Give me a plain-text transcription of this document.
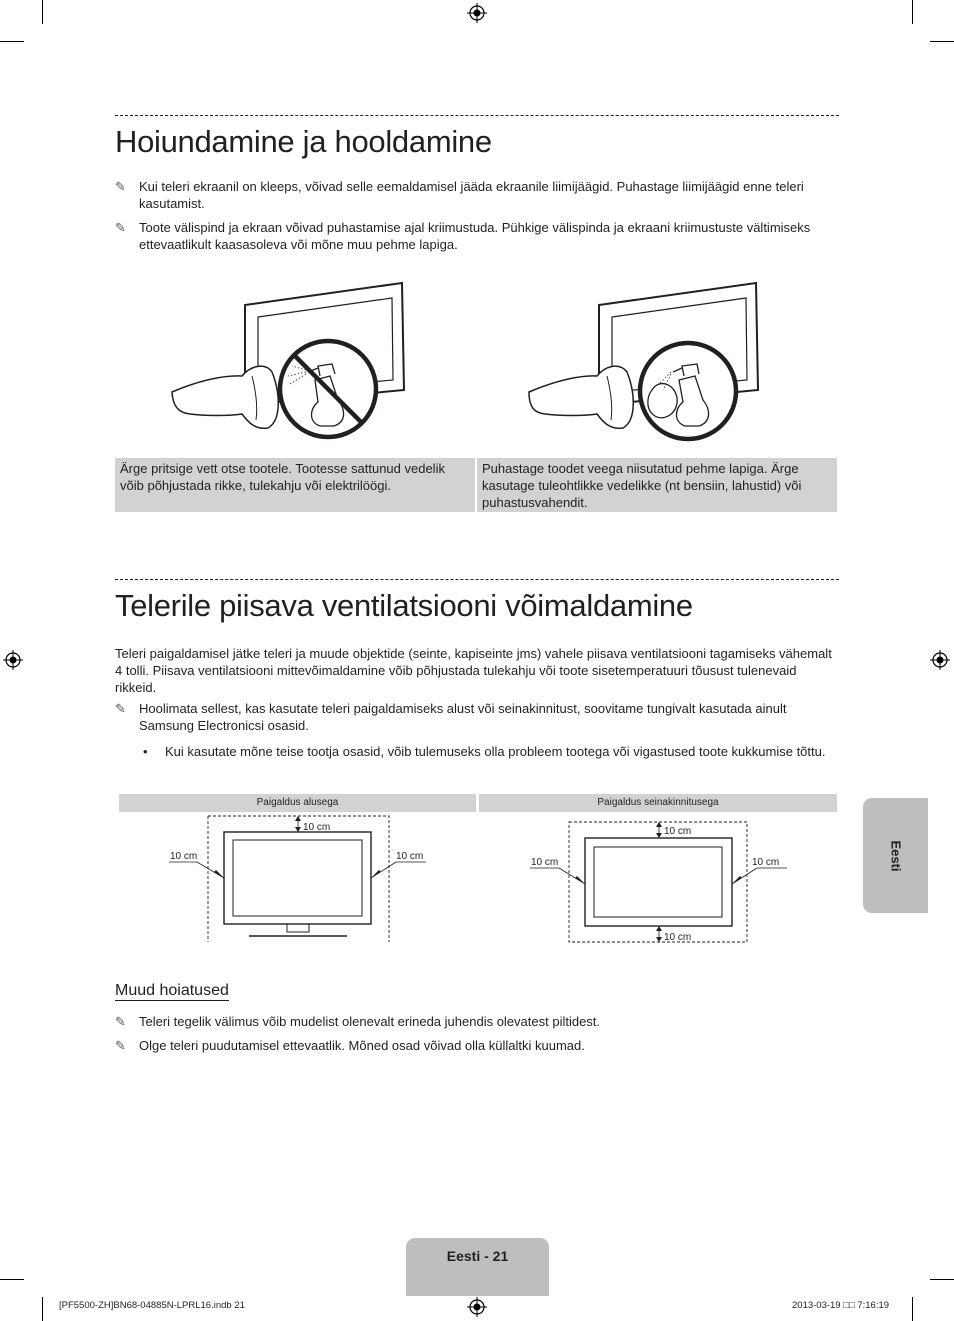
Hoiundamine ja hooldamine
✎ Kui teleri ekraanil on kleeps, võivad selle eemaldamisel jääda ekraanile liimijäägid. Puhastage liimijäägid enne teleri kasutamist.
✎ Toote välispind ja ekraan võivad puhastamise ajal kriimustuda. Pühkige välispinda ja ekraani kriimustuste vältimiseks ettevaatlikult kaasasoleva või mõne muu pehme lapiga.
Ärge pritsige vett otse tootele. Tootesse sattunud vedelik võib põhjustada rikke, tulekahju või elektrilöögi.
Puhastage toodet veega niisutatud pehme lapiga. Ärge kasutage tuleohtlikke vedelikke (nt bensiin, lahustid) või puhastusvahendit.
Telerile piisava ventilatsiooni võimaldamine

Teleri paigaldamisel jätke teleri ja muude objektide (seinte, kapiseinte jms) vahele piisava ventilatsiooni tagamiseks vähemalt 4 tolli. Piisava ventilatsiooni mittevõimaldamine võib põhjustada tulekahju või toote sisetemperatuuri tõusust tulenevaid rikkeid.

✎ Hoolimata sellest, kas kasutate teleri paigaldamiseks alust või seinakinnitust, soovitame tungivalt kasutada ainult Samsung Electronicsi osasid.
• Kui kasutate mõne teise tootja osasid, võib tulemuseks olla probleem tootega või vigastused toote kukkumise tõttu.
Paigaldus alusega	Paigaldus seinakinnitusega
10 cm
10 cm	10 cm
10 cm
10 cm	10 cm
10 cm
Muud hoiatused
✎ Teleri tegelik välimus võib mudelist olenevalt erineda juhendis olevatest piltidest.
✎ Olge teleri puudutamisel ettevaatlik. Mõned osad võivad olla küllaltki kuumad.
Eesti
Eesti - 21
[PF5500-ZH]BN68-04885N-LPRL16.indb 21	2013-03-19 □□ 7:16:19
